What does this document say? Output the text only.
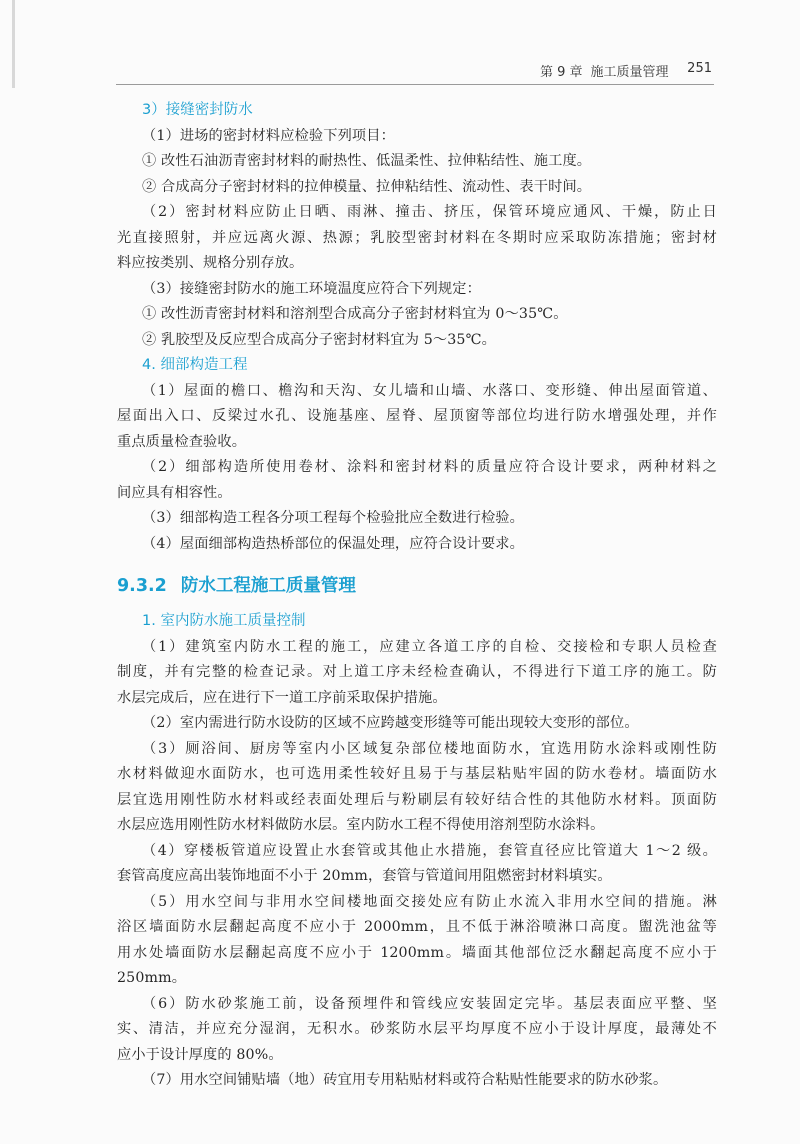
第 9 章 施工质量管理 251
3）接缝密封防水
（1）进场的密封材料应检验下列项目：
① 改性石油沥青密封材料的耐热性、低温柔性、拉伸粘结性、施工度。
② 合成高分子密封材料的拉伸模量、拉伸粘结性、流动性、表干时间。
（2）密封材料应防止日晒、雨淋、撞击、挤压，保管环境应通风、干燥，防止日
光直接照射，并应远离火源、热源；乳胶型密封材料在冬期时应采取防冻措施；密封材
料应按类别、规格分别存放。
（3）接缝密封防水的施工环境温度应符合下列规定：
① 改性沥青密封材料和溶剂型合成高分子密封材料宜为 0～35℃。
② 乳胶型及反应型合成高分子密封材料宜为 5～35℃。
4. 细部构造工程
（1）屋面的檐口、檐沟和天沟、女儿墙和山墙、水落口、变形缝、伸出屋面管道、
屋面出入口、反梁过水孔、设施基座、屋脊、屋顶窗等部位均进行防水增强处理，并作
重点质量检查验收。
（2）细部构造所使用卷材、涂料和密封材料的质量应符合设计要求，两种材料之
间应具有相容性。
（3）细部构造工程各分项工程每个检验批应全数进行检验。
（4）屋面细部构造热桥部位的保温处理，应符合设计要求。
9.3.2 防水工程施工质量管理
1. 室内防水施工质量控制
（1）建筑室内防水工程的施工，应建立各道工序的自检、交接检和专职人员检查
制度，并有完整的检查记录。对上道工序未经检查确认，不得进行下道工序的施工。防
水层完成后，应在进行下一道工序前采取保护措施。
（2）室内需进行防水设防的区域不应跨越变形缝等可能出现较大变形的部位。
（3）厕浴间、厨房等室内小区域复杂部位楼地面防水，宜选用防水涂料或刚性防
水材料做迎水面防水，也可选用柔性较好且易于与基层粘贴牢固的防水卷材。墙面防水
层宜选用刚性防水材料或经表面处理后与粉刷层有较好结合性的其他防水材料。顶面防
水层应选用刚性防水材料做防水层。室内防水工程不得使用溶剂型防水涂料。
（4）穿楼板管道应设置止水套管或其他止水措施，套管直径应比管道大 1～2 级。
套管高度应高出装饰地面不小于 20mm，套管与管道间用阻燃密封材料填实。
（5）用水空间与非用水空间楼地面交接处应有防止水流入非用水空间的措施。淋
浴区墙面防水层翻起高度不应小于 2000mm，且不低于淋浴喷淋口高度。盥洗池盆等
用水处墙面防水层翻起高度不应小于 1200mm。墙面其他部位泛水翻起高度不应小于
250mm。
（6）防水砂浆施工前，设备预埋件和管线应安装固定完毕。基层表面应平整、坚
实、清洁，并应充分湿润，无积水。砂浆防水层平均厚度不应小于设计厚度，最薄处不
应小于设计厚度的 80%。
（7）用水空间铺贴墙（地）砖宜用专用粘贴材料或符合粘贴性能要求的防水砂浆。
